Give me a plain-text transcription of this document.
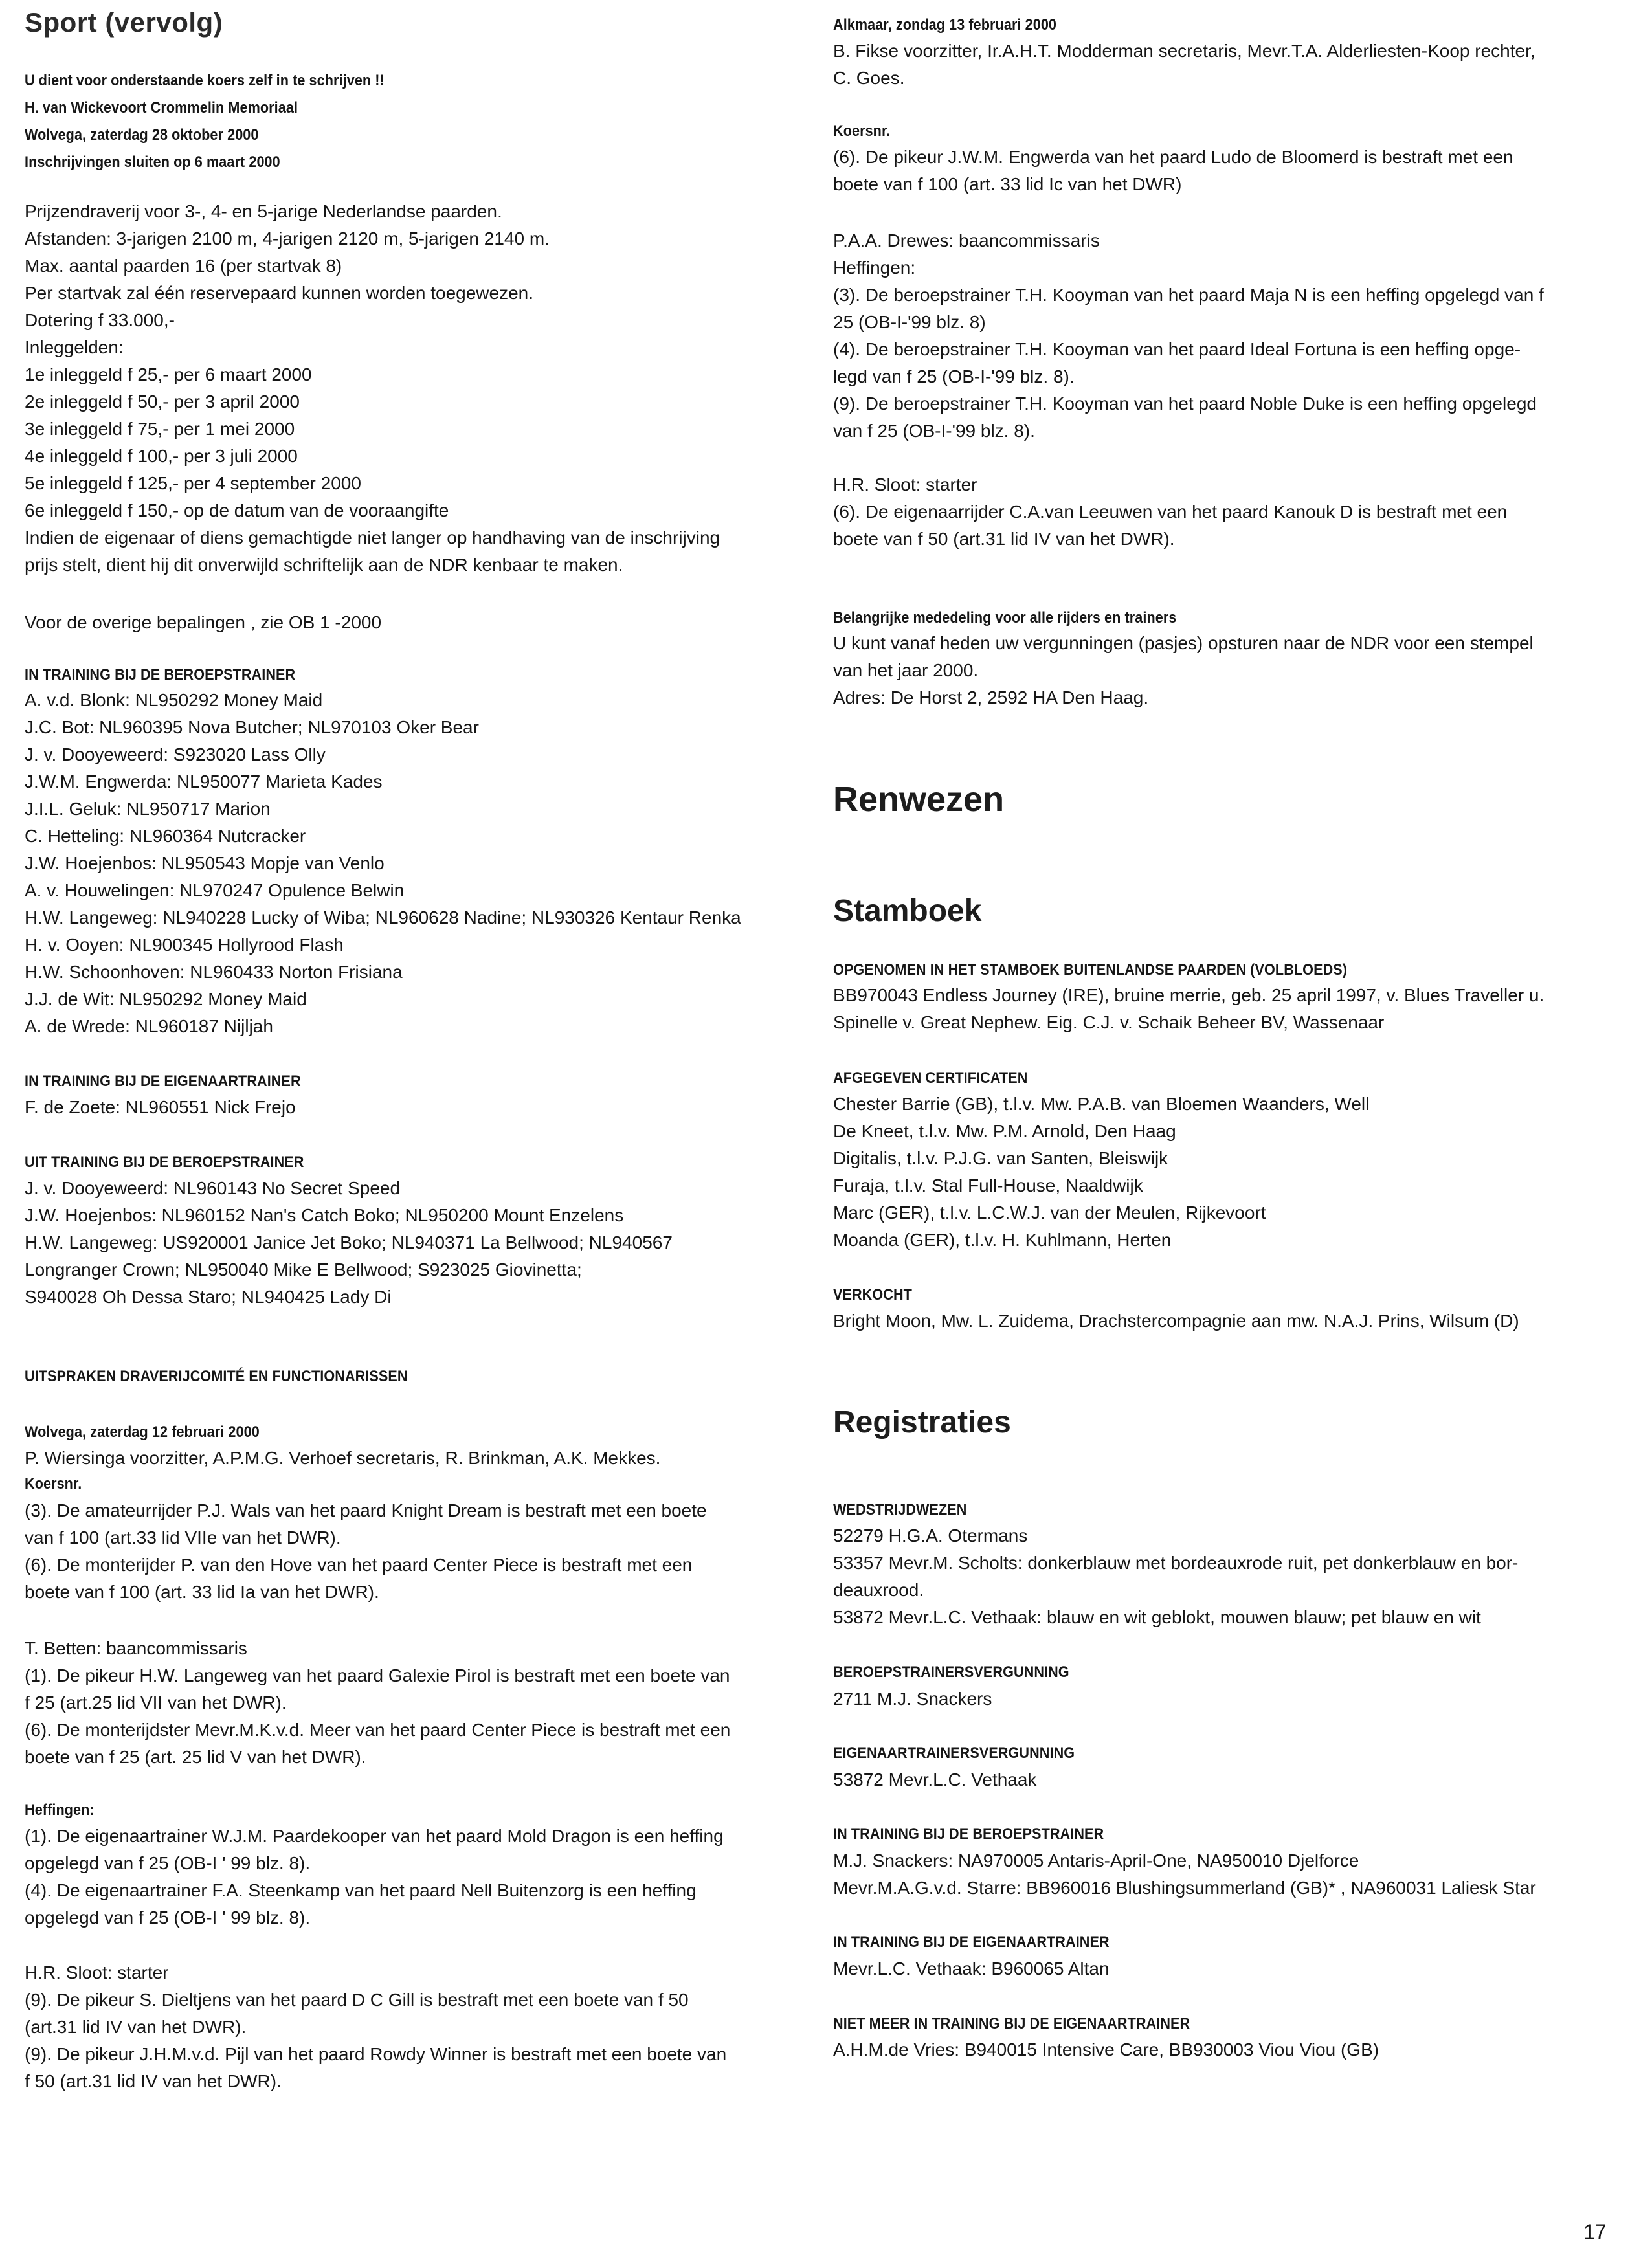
Sport (vervolg)
U dient voor onderstaande koers zelf in te schrijven !!
H. van Wickevoort Crommelin Memoriaal
Wolvega, zaterdag 28 oktober 2000
Inschrijvingen sluiten op 6 maart 2000
Prijzendraverij voor 3-, 4- en 5-jarige Nederlandse paarden.
Afstanden: 3-jarigen 2100 m, 4-jarigen 2120 m, 5-jarigen 2140 m.
Max. aantal paarden 16 (per startvak 8)
Per startvak zal één reservepaard kunnen worden toegewezen.
Dotering f 33.000,-
Inleggelden:
1e inleggeld f 25,- per 6 maart 2000
2e inleggeld f 50,- per 3 april 2000
3e inleggeld f 75,- per 1 mei 2000
4e inleggeld f 100,- per 3 juli 2000
5e inleggeld f 125,- per 4 september 2000
6e inleggeld f 150,- op de datum van de vooraangifte
Indien de eigenaar of diens gemachtigde niet langer op handhaving van de inschrijving
prijs stelt, dient hij dit onverwijld schriftelijk aan de NDR kenbaar te maken.
Voor de overige bepalingen , zie OB 1 -2000
IN TRAINING BIJ DE BEROEPSTRAINER
A. v.d. Blonk: NL950292 Money Maid
J.C. Bot: NL960395 Nova Butcher; NL970103 Oker Bear
J. v. Dooyeweerd: S923020 Lass Olly
J.W.M. Engwerda: NL950077 Marieta Kades
J.I.L. Geluk: NL950717 Marion
C. Hetteling: NL960364 Nutcracker
J.W. Hoejenbos: NL950543 Mopje van Venlo
A. v. Houwelingen: NL970247 Opulence Belwin
H.W. Langeweg: NL940228 Lucky of Wiba; NL960628 Nadine; NL930326 Kentaur Renka
H. v. Ooyen: NL900345 Hollyrood Flash
H.W. Schoonhoven: NL960433 Norton Frisiana
J.J. de Wit: NL950292 Money Maid
A. de Wrede: NL960187 Nijljah
IN TRAINING BIJ DE EIGENAARTRAINER
F. de Zoete: NL960551 Nick Frejo
UIT TRAINING BIJ DE BEROEPSTRAINER
J. v. Dooyeweerd: NL960143 No Secret Speed
J.W. Hoejenbos: NL960152 Nan's Catch Boko; NL950200 Mount Enzelens
H.W. Langeweg: US920001 Janice Jet Boko; NL940371 La Bellwood; NL940567
Longranger Crown; NL950040 Mike E Bellwood; S923025 Giovinetta;
S940028 Oh Dessa Staro; NL940425 Lady Di
UITSPRAKEN DRAVERIJCOMITÉ EN FUNCTIONARISSEN
Wolvega, zaterdag 12 februari 2000
P. Wiersinga voorzitter, A.P.M.G. Verhoef secretaris, R. Brinkman, A.K. Mekkes.
Koersnr.
(3). De amateurrijder P.J. Wals van het paard Knight Dream is bestraft met een boete
van f 100 (art.33 lid VIIe van het DWR).
(6). De monterijder P. van den Hove van het paard Center Piece is bestraft met een
boete van f 100 (art. 33 lid Ia van het DWR).
T. Betten: baancommissaris
(1). De pikeur H.W. Langeweg van het paard Galexie Pirol is bestraft met een boete van
f 25 (art.25 lid VII van het DWR).
(6). De monterijdster Mevr.M.K.v.d. Meer van het paard Center Piece is bestraft met een
boete van f 25 (art. 25 lid V van het DWR).
Heffingen:
(1). De eigenaartrainer W.J.M. Paardekooper van het paard Mold Dragon is een heffing
opgelegd van f 25 (OB-I ' 99 blz. 8).
(4). De eigenaartrainer F.A. Steenkamp van het paard Nell Buitenzorg is een heffing
opgelegd van f 25 (OB-I ' 99 blz. 8).
H.R. Sloot: starter
(9). De pikeur S. Dieltjens van het paard D C Gill is bestraft met een boete van f 50
(art.31 lid IV van het DWR).
(9). De pikeur J.H.M.v.d. Pijl van het paard Rowdy Winner is bestraft met een boete van
f 50 (art.31 lid IV van het DWR).
Alkmaar, zondag 13 februari 2000
B. Fikse voorzitter, Ir.A.H.T. Modderman secretaris, Mevr.T.A. Alderliesten-Koop rechter,
C. Goes.
Koersnr.
(6). De pikeur J.W.M. Engwerda van het paard Ludo de Bloomerd is bestraft met een
boete van f 100 (art. 33 lid Ic van het DWR)
P.A.A. Drewes: baancommissaris
Heffingen:
(3). De beroepstrainer T.H. Kooyman van het paard Maja N is een heffing opgelegd van f
25 (OB-I-'99 blz. 8)
(4). De beroepstrainer T.H. Kooyman van het paard Ideal Fortuna is een heffing opge-
legd van f 25 (OB-I-'99 blz. 8).
(9). De beroepstrainer T.H. Kooyman van het paard Noble Duke is een heffing opgelegd
van f 25 (OB-I-'99 blz. 8).
H.R. Sloot: starter
(6). De eigenaarrijder C.A.van Leeuwen van het paard Kanouk D is bestraft met een
boete van f 50 (art.31 lid IV van het DWR).
Belangrijke mededeling voor alle rijders en trainers
U kunt vanaf heden uw vergunningen (pasjes) opsturen naar de NDR voor een stempel
van het jaar 2000.
Adres: De Horst 2, 2592 HA Den Haag.
Renwezen
Stamboek
OPGENOMEN IN HET STAMBOEK BUITENLANDSE PAARDEN (VOLBLOEDS)
BB970043 Endless Journey (IRE), bruine merrie, geb. 25 april 1997, v. Blues Traveller u.
Spinelle v. Great Nephew. Eig. C.J. v. Schaik Beheer BV, Wassenaar
AFGEGEVEN CERTIFICATEN
Chester Barrie (GB), t.l.v. Mw. P.A.B. van Bloemen Waanders, Well
De Kneet, t.l.v. Mw. P.M. Arnold, Den Haag
Digitalis, t.l.v. P.J.G. van Santen, Bleiswijk
Furaja, t.l.v. Stal Full-House, Naaldwijk
Marc (GER), t.l.v. L.C.W.J. van der Meulen, Rijkevoort
Moanda (GER), t.l.v. H. Kuhlmann, Herten
VERKOCHT
Bright Moon, Mw. L. Zuidema, Drachstercompagnie aan mw. N.A.J. Prins, Wilsum (D)
Registraties
WEDSTRIJDWEZEN
52279 H.G.A. Otermans
53357 Mevr.M. Scholts: donkerblauw met bordeauxrode ruit, pet donkerblauw en bor-
deauxrood.
53872 Mevr.L.C. Vethaak: blauw en wit geblokt, mouwen blauw; pet blauw en wit
BEROEPSTRAINERSVERGUNNING
2711 M.J. Snackers
EIGENAARTRAINERSVERGUNNING
53872 Mevr.L.C. Vethaak
IN TRAINING BIJ DE BEROEPSTRAINER
M.J. Snackers: NA970005 Antaris-April-One, NA950010 Djelforce
Mevr.M.A.G.v.d. Starre: BB960016 Blushingsummerland (GB)* , NA960031 Laliesk Star
IN TRAINING BIJ DE EIGENAARTRAINER
Mevr.L.C. Vethaak: B960065 Altan
NIET MEER IN TRAINING BIJ DE EIGENAARTRAINER
A.H.M.de Vries: B940015 Intensive Care, BB930003 Viou Viou (GB)
17
